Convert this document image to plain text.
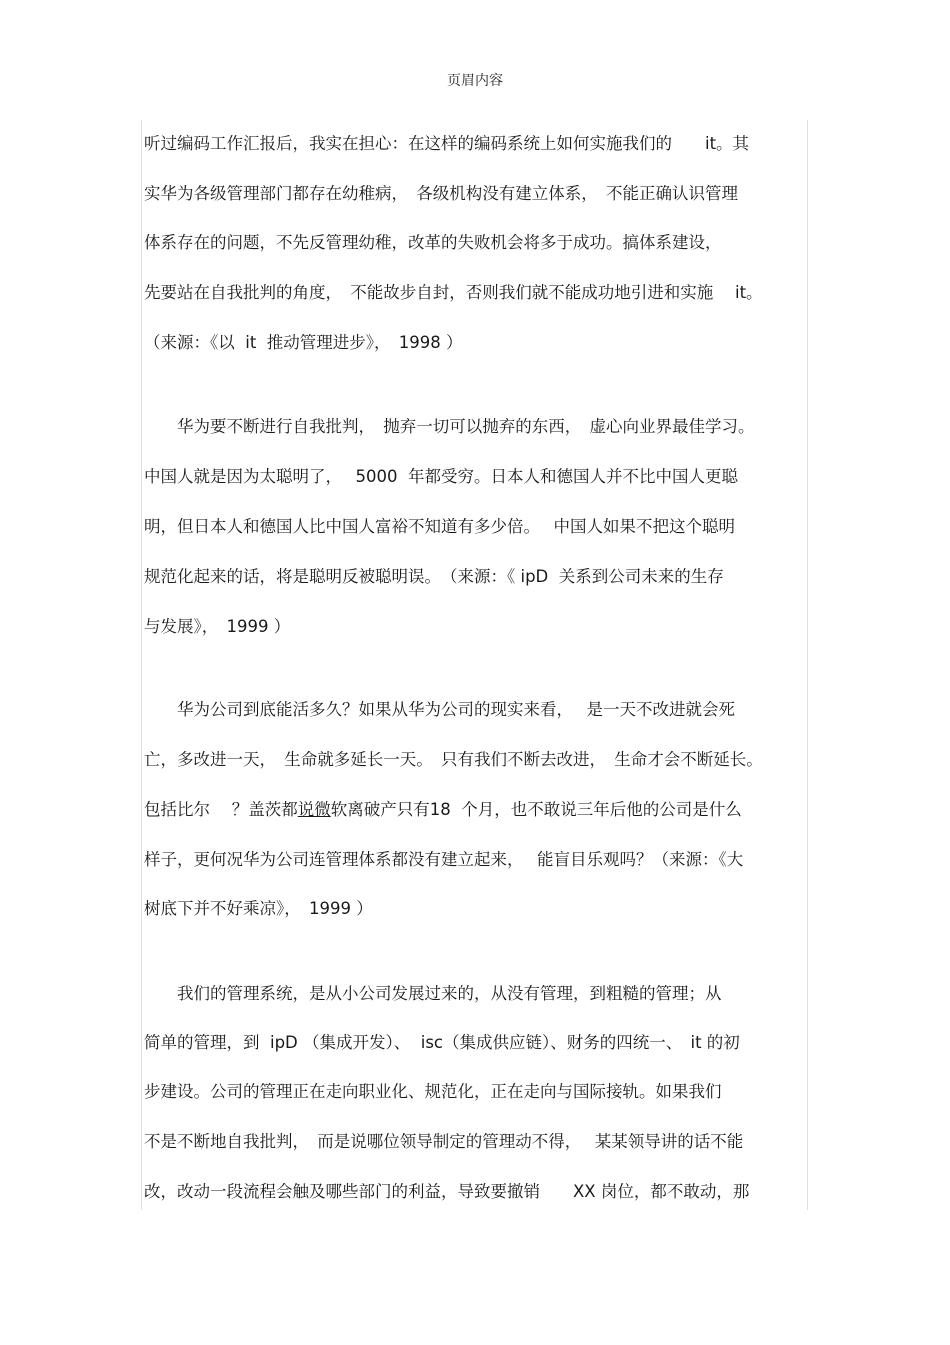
页眉内容
听过编码工作汇报后，我实在担心：在这样的编码系统上如何实施我们的　　it。其
实华为各级管理部门都存在幼稚病，　各级机构没有建立体系，　不能正确认识管理
体系存在的问题，不先反管理幼稚，改革的失败机会将多于成功。搞体系建设，
先要站在自我批判的角度，　不能故步自封，否则我们就不能成功地引进和实施　 it。
（来源：《以  it  推动管理进步》，　1998 ）
　　华为要不断进行自我批判，　抛弃一切可以抛弃的东西，　虚心向业界最佳学习。
中国人就是因为太聪明了，　 5000  年都受穷。日本人和德国人并不比中国人更聪
明，但日本人和德国人比中国人富裕不知道有多少倍。　 中国人如果不把这个聪明
规范化起来的话，将是聪明反被聪明误。　（来源：《 ipD  关系到公司未来的生存
与发展》，　1999 ）
　　华为公司到底能活多久？如果从华为公司的现实来看，　 是一天不改进就会死
亡，多改进一天，　生命就多延长一天。　只有我们不断去改进，　生命才会不断延长。
包括比尔　 ？盖茨都说微软离破产只有18  个月，也不敢说三年后他的公司是什么
样子，更何况华为公司连管理体系都没有建立起来，　 能盲目乐观吗？（来源：《大
树底下并不好乘凉》，　1999 ）
　　我们的管理系统，是从小公司发展过来的，从没有管理，到粗糙的管理；从
简单的管理，到  ipD （集成开发）、  isc（集成供应链）、财务的四统一、　it 的初
步建设。公司的管理正在走向职业化、规范化，正在走向与国际接轨。如果我们
不是不断地自我批判，　而是说哪位领导制定的管理动不得，　 某某领导讲的话不能
改，改动一段流程会触及哪些部门的利益，导致要撤销　　XX 岗位，都不敢动，那
